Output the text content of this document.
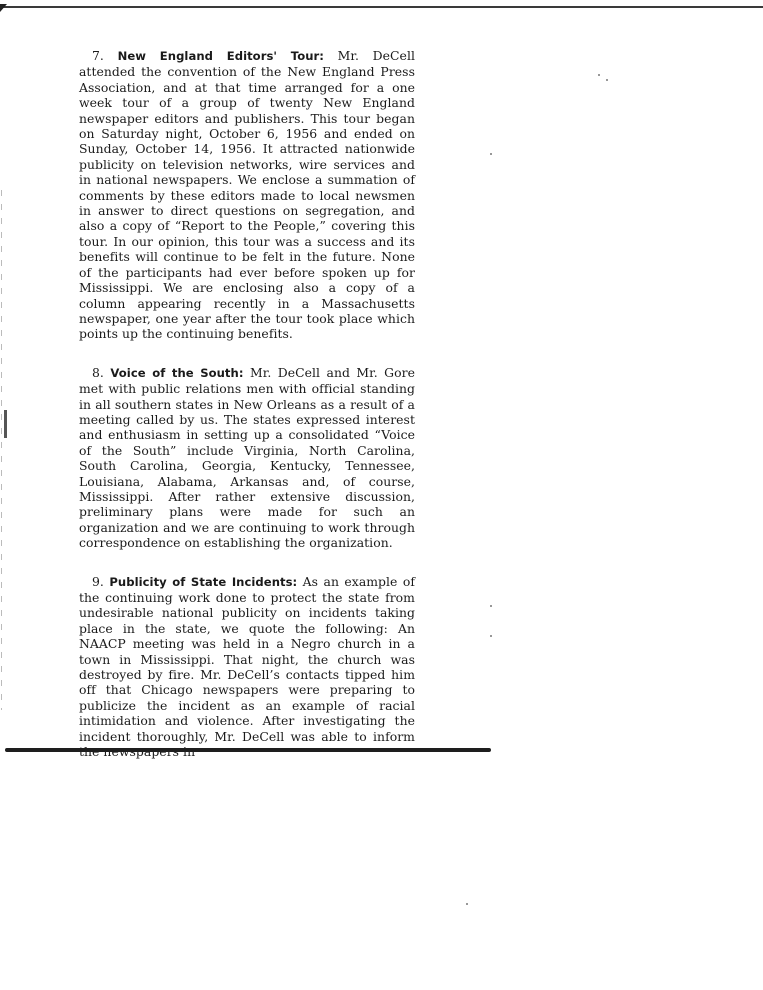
7. New England Editors' Tour: Mr. DeCell attended the convention of the New England Press Association, and at that time arranged for a one week tour of a group of twenty New England newspaper editors and publishers. This tour began on Saturday night, October 6, 1956 and ended on Sunday, October 14, 1956. It attracted nationwide publicity on television networks, wire services and in national newspapers. We enclose a summation of comments by these editors made to local newsmen in answer to direct questions on segregation, and also a copy of “Report to the People,” covering this tour. In our opinion, this tour was a success and its benefits will continue to be felt in the future. None of the participants had ever before spoken up for Mississippi. We are enclosing also a copy of a column appearing recently in a Massachusetts newspaper, one year after the tour took place which points up the continuing benefits.

8. Voice of the South: Mr. DeCell and Mr. Gore met with public relations men with official standing in all southern states in New Orleans as a result of a meeting called by us. The states expressed interest and enthusiasm in setting up a consolidated “Voice of the South” include Virginia, North Carolina, South Carolina, Georgia, Kentucky, Tennessee, Louisiana, Alabama, Arkansas and, of course, Mississippi. After rather extensive discussion, preliminary plans were made for such an organization and we are continuing to work through correspondence on establishing the organization.

9. Publicity of State Incidents: As an example of the continuing work done to protect the state from undesirable national publicity on incidents taking place in the state, we quote the following: An NAACP meeting was held in a Negro church in a town in Mississippi. That night, the church was destroyed by fire. Mr. DeCell’s contacts tipped him off that Chicago newspapers were preparing to publicize the incident as an example of racial intimidation and violence. After investigating the incident thoroughly, Mr. DeCell was able to inform
